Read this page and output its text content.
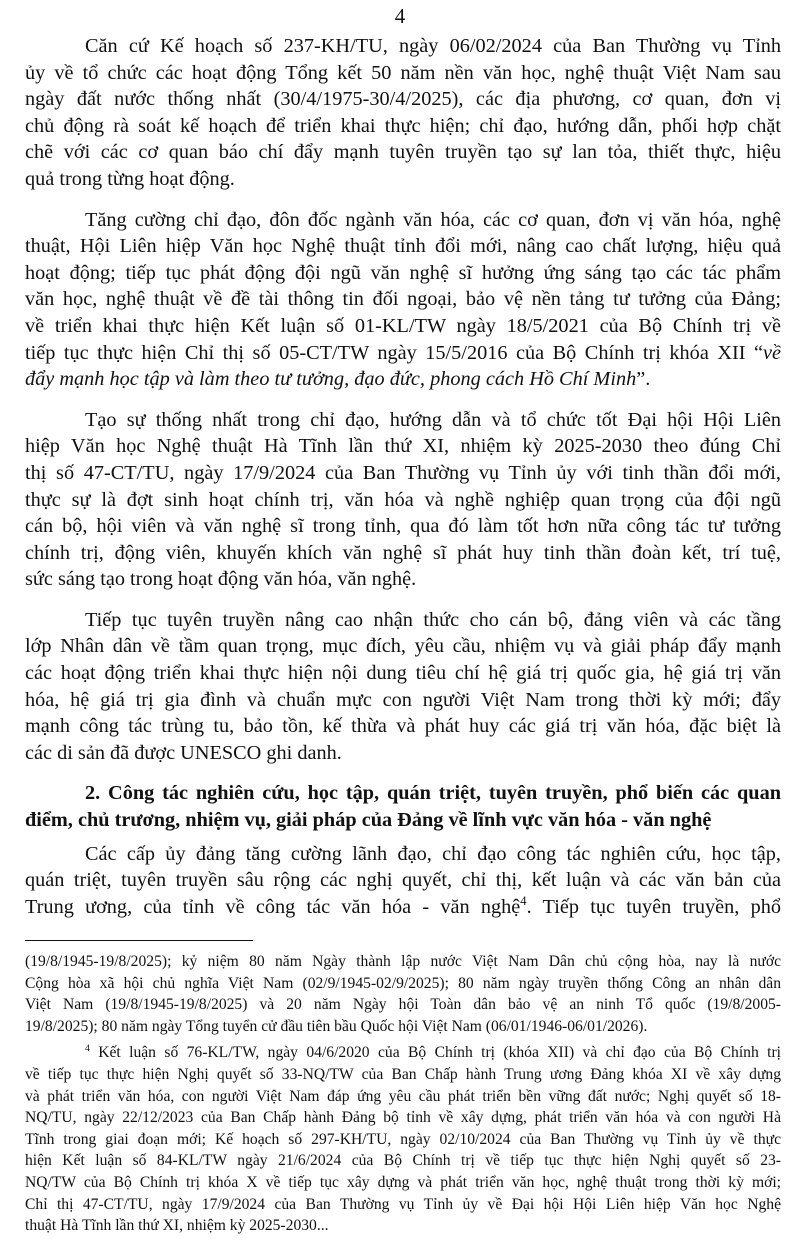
4
Căn cứ Kế hoạch số 237-KH/TU, ngày 06/02/2024 của Ban Thường vụ Tỉnh
ủy về tổ chức các hoạt động Tổng kết 50 năm nền văn học, nghệ thuật Việt Nam sau
ngày đất nước thống nhất (30/4/1975-30/4/2025), các địa phương, cơ quan, đơn vị
chủ động rà soát kế hoạch để triển khai thực hiện; chỉ đạo, hướng dẫn, phối hợp chặt
chẽ với các cơ quan báo chí đẩy mạnh tuyên truyền tạo sự lan tỏa, thiết thực, hiệu
quả trong từng hoạt động.
Tăng cường chỉ đạo, đôn đốc ngành văn hóa, các cơ quan, đơn vị văn hóa, nghệ
thuật, Hội Liên hiệp Văn học Nghệ thuật tỉnh đổi mới, nâng cao chất lượng, hiệu quả
hoạt động; tiếp tục phát động đội ngũ văn nghệ sĩ hưởng ứng sáng tạo các tác phẩm
văn học, nghệ thuật về đề tài thông tin đối ngoại, bảo vệ nền tảng tư tưởng của Đảng;
về triển khai thực hiện Kết luận số 01-KL/TW ngày 18/5/2021 của Bộ Chính trị về
tiếp tục thực hiện Chỉ thị số 05-CT/TW ngày 15/5/2016 của Bộ Chính trị khóa XII “về
đẩy mạnh học tập và làm theo tư tưởng, đạo đức, phong cách Hồ Chí Minh”.
Tạo sự thống nhất trong chỉ đạo, hướng dẫn và tổ chức tốt Đại hội Hội Liên
hiệp Văn học Nghệ thuật Hà Tĩnh lần thứ XI, nhiệm kỳ 2025-2030 theo đúng Chỉ
thị số 47-CT/TU, ngày 17/9/2024 của Ban Thường vụ Tỉnh ủy với tinh thần đổi mới,
thực sự là đợt sinh hoạt chính trị, văn hóa và nghề nghiệp quan trọng của đội ngũ
cán bộ, hội viên và văn nghệ sĩ trong tỉnh, qua đó làm tốt hơn nữa công tác tư tưởng
chính trị, động viên, khuyến khích văn nghệ sĩ phát huy tinh thần đoàn kết, trí tuệ,
sức sáng tạo trong hoạt động văn hóa, văn nghệ.
Tiếp tục tuyên truyền nâng cao nhận thức cho cán bộ, đảng viên và các tầng
lớp Nhân dân về tầm quan trọng, mục đích, yêu cầu, nhiệm vụ và giải pháp đẩy mạnh
các hoạt động triển khai thực hiện nội dung tiêu chí hệ giá trị quốc gia, hệ giá trị văn
hóa, hệ giá trị gia đình và chuẩn mực con người Việt Nam trong thời kỳ mới; đẩy
mạnh công tác trùng tu, bảo tồn, kế thừa và phát huy các giá trị văn hóa, đặc biệt là
các di sản đã được UNESCO ghi danh.
2. Công tác nghiên cứu, học tập, quán triệt, tuyên truyền, phổ biến các quan
điểm, chủ trương, nhiệm vụ, giải pháp của Đảng về lĩnh vực văn hóa - văn nghệ
Các cấp ủy đảng tăng cường lãnh đạo, chỉ đạo công tác nghiên cứu, học tập,
quán triệt, tuyên truyền sâu rộng các nghị quyết, chỉ thị, kết luận và các văn bản của
Trung ương, của tỉnh về công tác văn hóa - văn nghệ$^4$. Tiếp tục tuyên truyền, phổ
(19/8/1945-19/8/2025); kỷ niệm 80 năm Ngày thành lập nước Việt Nam Dân chủ cộng hòa, nay là nước
Cộng hòa xã hội chủ nghĩa Việt Nam (02/9/1945-02/9/2025); 80 năm ngày truyền thống Công an nhân dân
Việt Nam (19/8/1945-19/8/2025) và 20 năm Ngày hội Toàn dân bảo vệ an ninh Tổ quốc (19/8/2005-
19/8/2025); 80 năm ngày Tổng tuyển cử đầu tiên bầu Quốc hội Việt Nam (06/01/1946-06/01/2026).
$^4$ Kết luận số 76-KL/TW, ngày 04/6/2020 của Bộ Chính trị (khóa XII) và chỉ đạo của Bộ Chính trị
về tiếp tục thực hiện Nghị quyết số 33-NQ/TW của Ban Chấp hành Trung ương Đảng khóa XI về xây dựng
và phát triển văn hóa, con người Việt Nam đáp ứng yêu cầu phát triển bền vững đất nước; Nghị quyết số 18-
NQ/TU, ngày 22/12/2023 của Ban Chấp hành Đảng bộ tỉnh về xây dựng, phát triển văn hóa và con người Hà
Tĩnh trong giai đoạn mới; Kế hoạch số 297-KH/TU, ngày 02/10/2024 của Ban Thường vụ Tỉnh ủy về thực
hiện Kết luận số 84-KL/TW ngày 21/6/2024 của Bộ Chính trị về tiếp tục thực hiện Nghị quyết số 23-
NQ/TW của Bộ Chính trị khóa X về tiếp tục xây dựng và phát triển văn học, nghệ thuật trong thời kỳ mới;
Chỉ thị 47-CT/TU, ngày 17/9/2024 của Ban Thường vụ Tỉnh ủy về Đại hội Hội Liên hiệp Văn học Nghệ
thuật Hà Tĩnh lần thứ XI, nhiệm kỳ 2025-2030...
